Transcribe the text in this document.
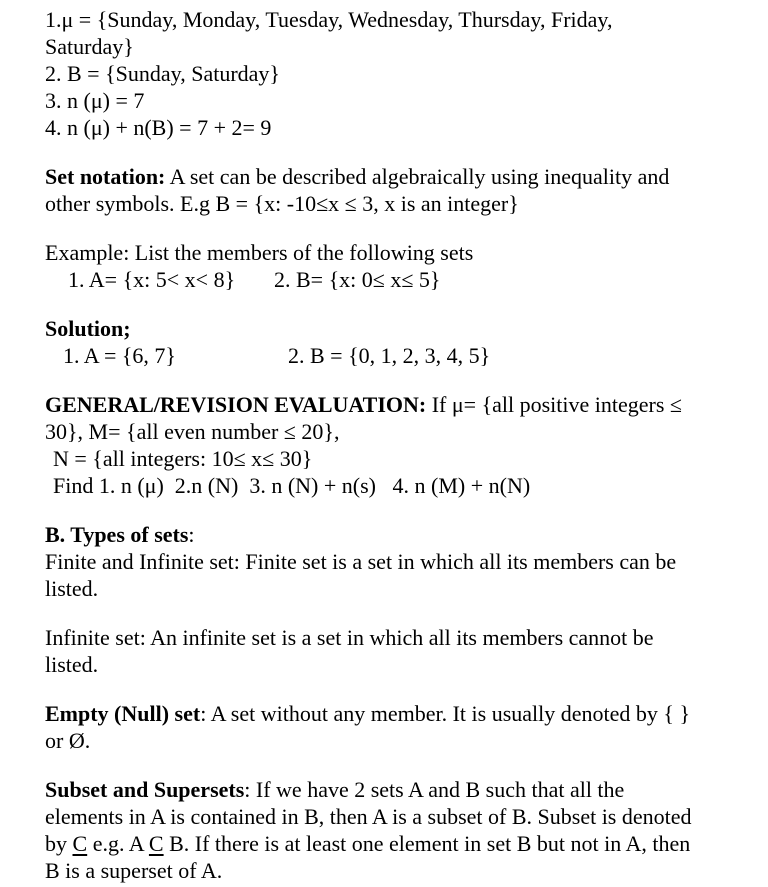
1.μ = {Sunday, Monday, Tuesday, Wednesday, Thursday, Friday,
Saturday}
2. B = {Sunday, Saturday}
3. n (μ) = 7
4. n (μ) + n(B) = 7 + 2= 9
Set notation: A set can be described algebraically using inequality and
other symbols. E.g B = {x: -10≤x ≤ 3, x is an integer}
Example: List the members of the following sets
1. A= {x: 5< x< 8} 2. B= {x: 0≤ x≤ 5}
Solution;
1. A = {6, 7}	2. B = {0, 1, 2, 3, 4, 5}
GENERAL/REVISION EVALUATION: If μ= {all positive integers ≤
30}, M= {all even number ≤ 20},
N = {all integers: 10≤ x≤ 30}
Find 1. n (μ)  2.n (N)  3. n (N) + n(s)   4. n (M) + n(N)
B. Types of sets:
Finite and Infinite set: Finite set is a set in which all its members can be
listed.
Infinite set: An infinite set is a set in which all its members cannot be
listed.
Empty (Null) set: A set without any member. It is usually denoted by { }
or Ø.
Subset and Supersets: If we have 2 sets A and B such that all the
elements in A is contained in B, then A is a subset of B. Subset is denoted
by C e.g. A C B. If there is at least one element in set B but not in A, then
B is a superset of A.
